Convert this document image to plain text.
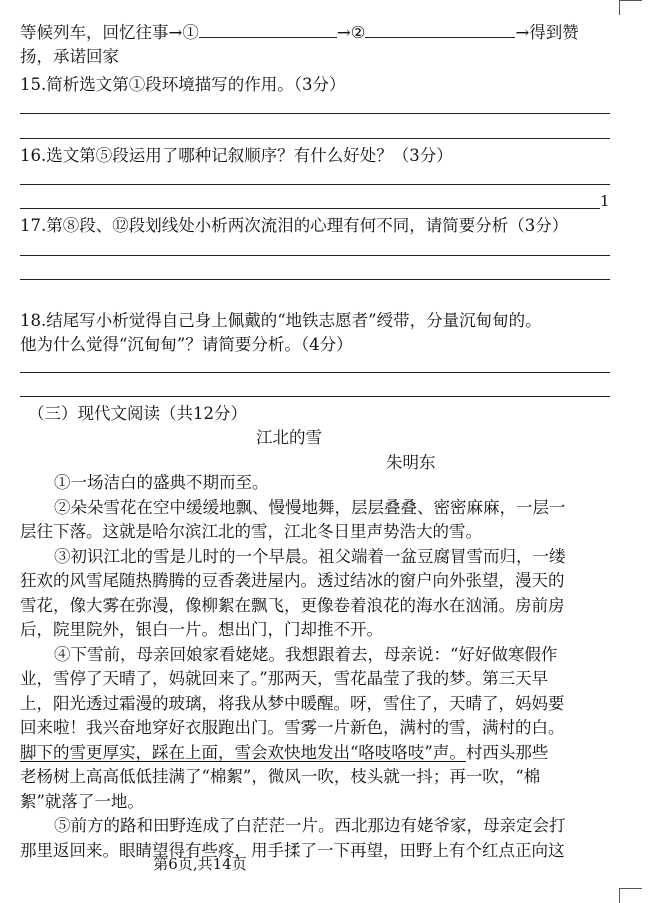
等候列车，回忆往事→①	→②	→得到赞
扬，承诺回家
15.简析选文第①段环境描写的作用。（3分）
16.选文第⑤段运用了哪种记叙顺序？有什么好处？（3分）
1
17.第⑧段、⑫段划线处小析两次流泪的心理有何不同，请简要分析（3分）
18.结尾写小析觉得自己身上佩戴的“地铁志愿者”绶带，分量沉甸甸的。
他为什么觉得“沉甸甸”？请简要分析。（4分）
（三）现代文阅读（共12分）
江北的雪
朱明东
①一场洁白的盛典不期而至。
②朵朵雪花在空中缓缓地飘、慢慢地舞，层层叠叠、密密麻麻，一层一
层往下落。这就是哈尔滨江北的雪，江北冬日里声势浩大的雪。
③初识江北的雪是儿时的一个早晨。祖父端着一盆豆腐冒雪而归，一缕
狂欢的风雪尾随热腾腾的豆香袭进屋内。透过结冰的窗户向外张望，漫天的
雪花，像大雾在弥漫，像柳絮在飘飞，更像卷着浪花的海水在汹涌。房前房
后，院里院外，银白一片。想出门，门却推不开。
④下雪前，母亲回娘家看姥姥。我想跟着去，母亲说：“好好做寒假作
业，雪停了天晴了，妈就回来了。”那两天，雪花晶莹了我的梦。第三天早
上，阳光透过霜漫的玻璃，将我从梦中暖醒。呀，雪住了，天晴了，妈妈要
回来啦！我兴奋地穿好衣服跑出门。雪雾一片新色，满村的雪，满村的白。
脚下的雪更厚实，踩在上面，雪会欢快地发出“咯吱咯吱”声。村西头那些
老杨树上高高低低挂满了“棉絮”，微风一吹，枝头就一抖；再一吹，“棉
絮”就落了一地。
⑤前方的路和田野连成了白茫茫一片。西北那边有姥爷家，母亲定会打
那里返回来。眼睛望得有些疼，用手揉了一下再望，田野上有个红点正向这
第6页,共14页
